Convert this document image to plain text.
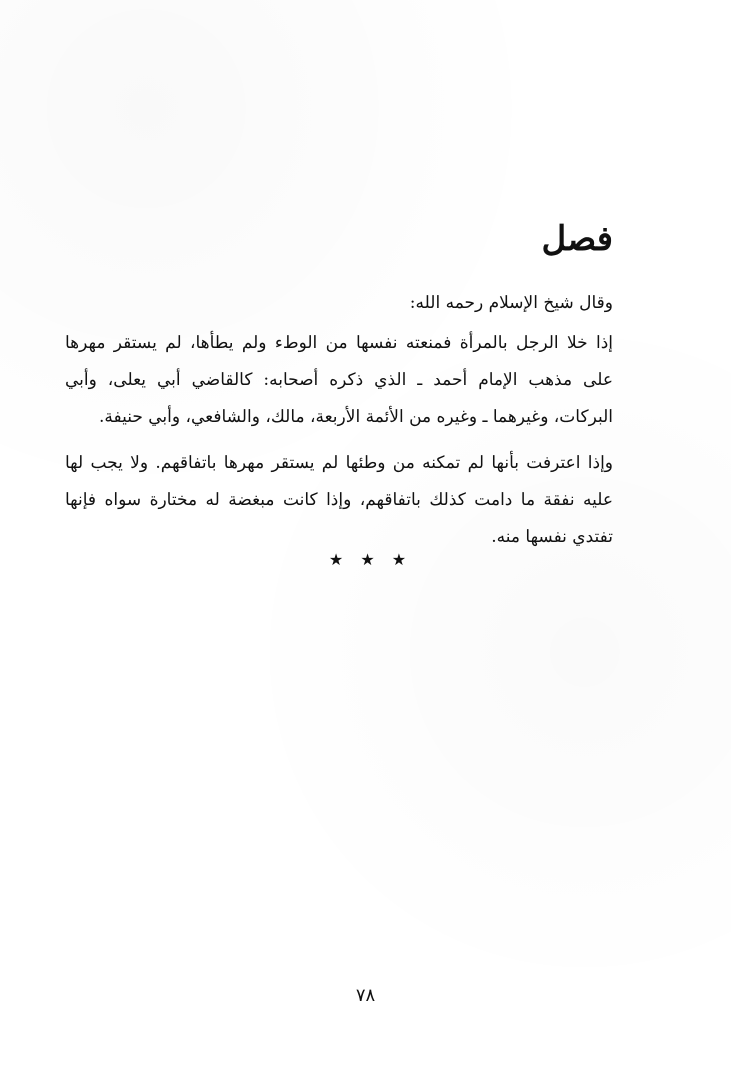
فصل

وقال شيخ الإسلام رحمه الله:

إذا خلا الرجل بالمرأة فمنعته نفسها من الوطء ولم يطأها، لم يستقر مهرها على مذهب الإمام أحمد ـ الذي ذكره أصحابه: كالقاضي أبي يعلى، وأبي البركات، وغيرهما ـ وغيره من الأئمة الأربعة، مالك، والشافعي، وأبي حنيفة.

وإذا اعترفت بأنها لم تمكنه من وطئها لم يستقر مهرها باتفاقهم. ولا يجب لها عليه نفقة ما دامت كذلك باتفاقهم، وإذا كانت مبغضة له مختارة سواه فإنها تفتدي نفسها منه.

★ ★ ★
٧٨
